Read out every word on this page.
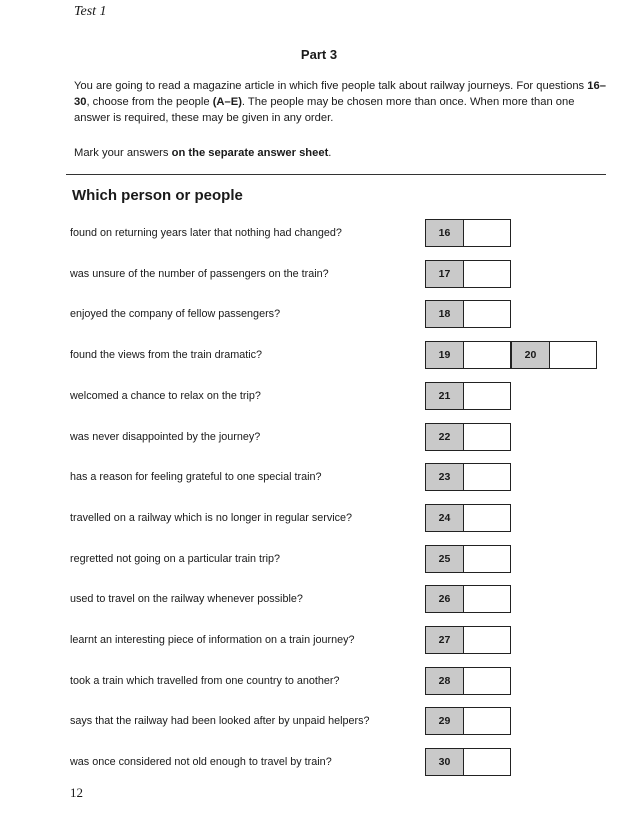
Test 1
Part 3
You are going to read a magazine article in which five people talk about railway journeys. For questions 16–30, choose from the people (A–E). The people may be chosen more than once. When more than one answer is required, these may be given in any order.
Mark your answers on the separate answer sheet.
Which person or people
found on returning years later that nothing had changed?	16
was unsure of the number of passengers on the train?	17
enjoyed the company of fellow passengers?	18
found the views from the train dramatic?	19	20
welcomed a chance to relax on the trip?	21
was never disappointed by the journey?	22
has a reason for feeling grateful to one special train?	23
travelled on a railway which is no longer in regular service?	24
regretted not going on a particular train trip?	25
used to travel on the railway whenever possible?	26
learnt an interesting piece of information on a train journey?	27
took a train which travelled from one country to another?	28
says that the railway had been looked after by unpaid helpers?	29
was once considered not old enough to travel by train?	30
12
